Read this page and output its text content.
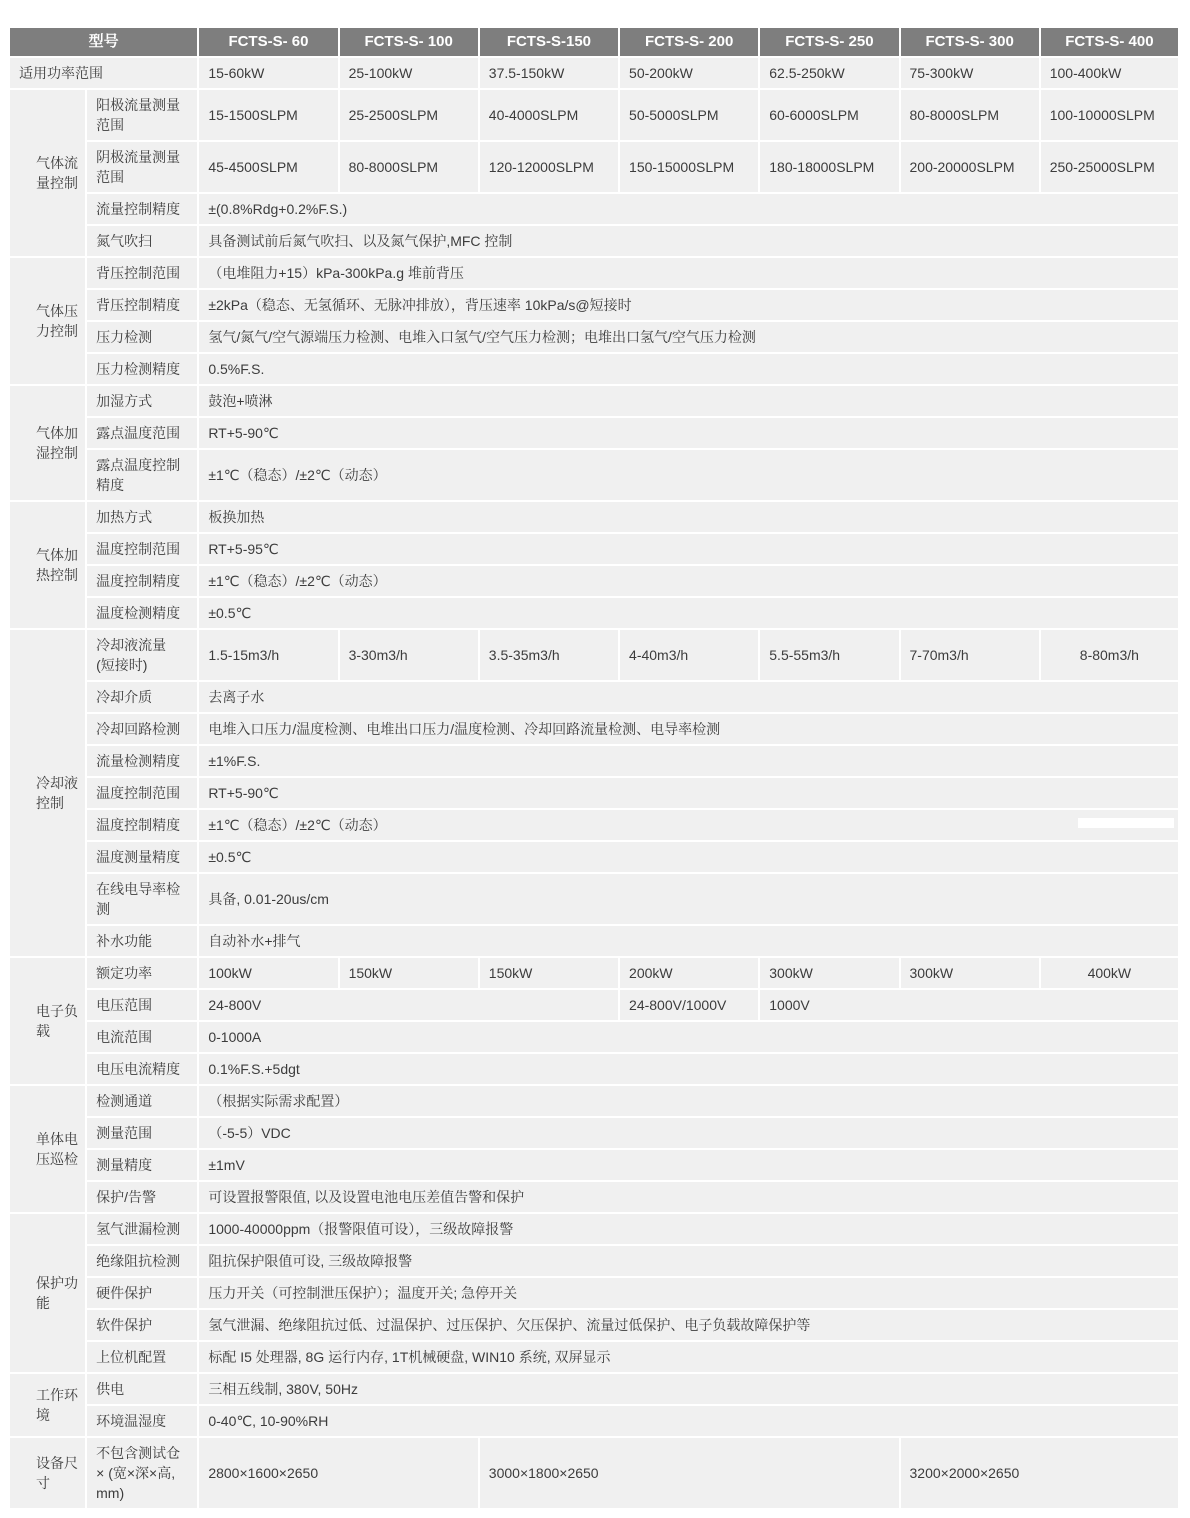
型号		FCTS-S- 60	FCTS-S- 100	FCTS-S-150	FCTS-S- 200	FCTS-S- 250	FCTS-S- 300	FCTS-S- 400
适用功率范围		15-60kW	25-100kW	37.5-150kW	50-200kW	62.5-250kW	75-300kW	100-400kW
气体流量控制	阳极流量测量范围	15-1500SLPM	25-2500SLPM	40-4000SLPM	50-5000SLPM	60-6000SLPM	80-8000SLPM	100-10000SLPM
	阴极流量测量范围	45-4500SLPM	80-8000SLPM	120-12000SLPM	150-15000SLPM	180-18000SLPM	200-20000SLPM	250-25000SLPM
	流量控制精度	±(0.8%Rdg+0.2%F.S.)						
	氮气吹扫	具备测试前后氮气吹扫、以及氮气保护,MFC 控制						
气体压力控制	背压控制范围	（电堆阻力+15）kPa-300kPa.g 堆前背压						
	背压控制精度	±2kPa（稳态、无氢循环、无脉冲排放），背压速率 10kPa/s@短接时						
	压力检测	氢气/氮气/空气源端压力检测、电堆入口氢气/空气压力检测；电堆出口氢气/空气压力检测						
	压力检测精度	0.5%F.S.						
气体加湿控制	加湿方式	鼓泡+喷淋						
	露点温度范围	RT+5-90℃						
	露点温度控制精度	±1℃（稳态）/±2℃（动态）						
气体加热控制	加热方式	板换加热						
	温度控制范围	RT+5-95℃						
	温度控制精度	±1℃（稳态）/±2℃（动态）						
	温度检测精度	±0.5℃						
冷却液控制	冷却液流量 (短接时)	1.5-15m3/h	3-30m3/h	3.5-35m3/h	4-40m3/h	5.5-55m3/h	7-70m3/h	8-80m3/h
	冷却介质	去离子水						
	冷却回路检测	电堆入口压力/温度检测、电堆出口压力/温度检测、冷却回路流量检测、电导率检测						
	流量检测精度	±1%F.S.						
	温度控制范围	RT+5-90℃						
	温度控制精度	±1℃（稳态）/±2℃（动态）						
	温度测量精度	±0.5℃						
	在线电导率检测	具备, 0.01-20us/cm						
	补水功能	自动补水+排气						
电子负载	额定功率	100kW	150kW	150kW	200kW	300kW	300kW	400kW
	电压范围	24-800V			24-800V/1000V	1000V		
	电流范围	0-1000A						
	电压电流精度	0.1%F.S.+5dgt						
单体电压巡检	检测通道	（根据实际需求配置）						
	测量范围	（-5-5）VDC						
	测量精度	±1mV						
	保护/告警	可设置报警限值, 以及设置电池电压差值告警和保护						
保护功能	氢气泄漏检测	1000-40000ppm（报警限值可设），三级故障报警						
	绝缘阻抗检测	阻抗保护限值可设, 三级故障报警						
	硬件保护	压力开关（可控制泄压保护）；温度开关; 急停开关						
	软件保护	氢气泄漏、绝缘阻抗过低、过温保护、过压保护、欠压保护、流量过低保护、电子负载故障保护等						
	上位机配置	标配 I5 处理器, 8G 运行内存, 1T机械硬盘, WIN10 系统, 双屏显示						
工作环境	供电	三相五线制, 380V, 50Hz						
	环境温湿度	0-40℃, 10-90%RH						
设备尺寸	不包含测试仓 × (宽×深×高, mm)	2800×1600×2650		3000×1800×2650			3200×2000×2650	
